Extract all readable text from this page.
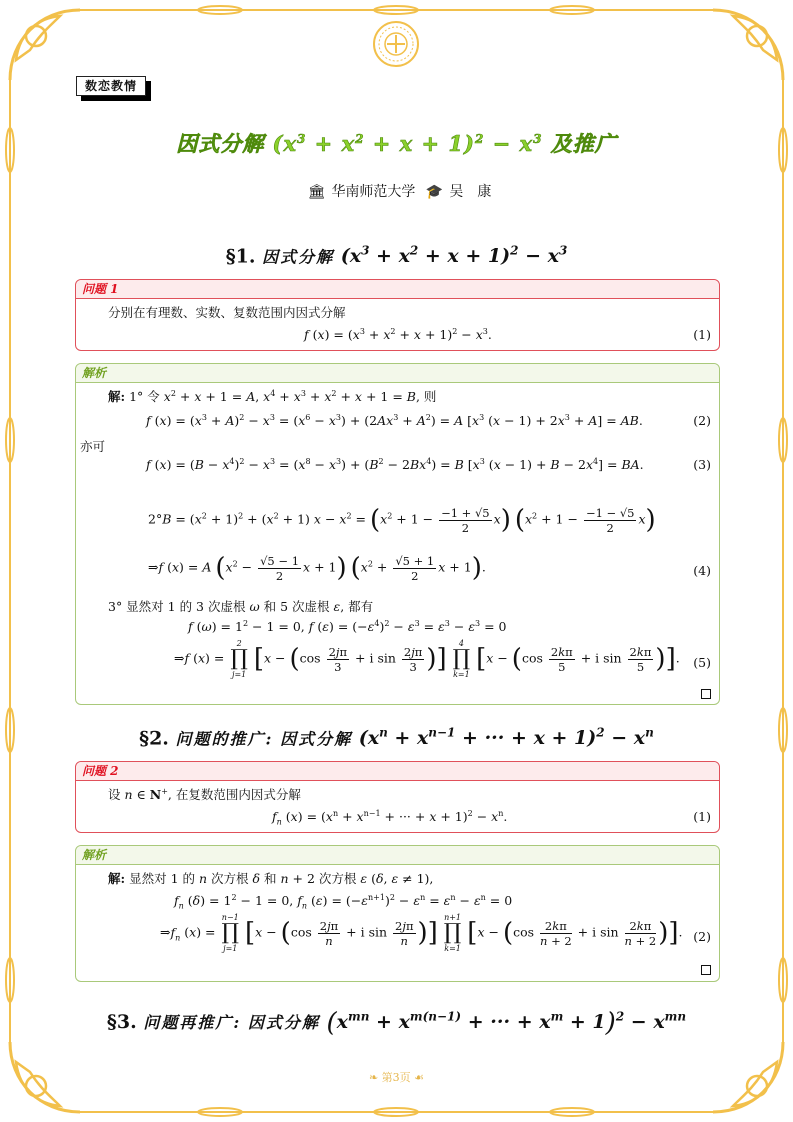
数恋教情
因式分解 $(x^3 + x^2 + x + 1)^2 - x^3$ 及推广
🏛 华南师范大学 🎓 吴　康
§1. 因式分解 $(x^3 + x^2 + x + 1)^2 - x^3$
问题 1
分别在有理数、实数、复数范围内因式分解
f $(x) = (x^3 + x^2 + x + 1)^2 - x^3$.	(1)
解析
解: 1° 令 $x^2 + x + 1 = A$, $x^4 + x^3 + x^2 + x + 1 = B$, 则
f $(x) = (x^3 + A)^2 - x^3 = (x^6 - x^3) + (2Ax^3 + A^2) = A$ [$x^3$ $(x - 1) + 2x^3 + A$] = AB.	(2)
亦可
f $(x) = (B - x^4)^2 - x^3 = (x^8 - x^3) + (B^2 - 2Bx^4) = B$ [$x^3$ $(x - 1) + B - 2x^4$] = BA.	(3)
$2^\circ B = (x^2 + 1)^2 + (x^2 + 1) x - x^2 = (x^2 + 1 - \frac{-1 + √5}{2} x) (x^2 + 1 - \frac{-1 - √5}{2} x)$
⇒f (x) = A ($x^2 - \frac{√5 - 1}{2}$ x + 1) ($x^2 + \frac{√5 + 1}{2}$ x + 1).	(4)
3° 显然对 1 的 3 次虚根 ω 和 5 次虚根 ε, 都有
f $(\omega) = 1^2 - 1 = 0$, f $(\varepsilon) = (-\varepsilon^4)^2 - \varepsilon^3 = \varepsilon^3 - \varepsilon^3 = 0$
⇒f (x) =
2
∏
j=1
[$x - (\cos \frac{2j\pi}{3} + i$ $\sin \frac{2j\pi}{3}$ )]
4
∏
k=1
[$x - (\cos \frac{2k\pi}{5} + i$ $\sin \frac{2k\pi}{5}$ )]. (5)
§2. 问题的推广: 因式分解 ($x^n + x^{n-1}$ + ··· + $x + 1)^2 - x^n$
问题 2
设 n ∈ N+, 在复数范围内因式分解
$f_n$ $(x) = (x^n + x^{n-1}$ + ··· + $x + 1)^2 - x^n$.	(1)
解析
解: 显然对 1 的 n 次方根 δ 和 n + 2 次方根 ε (δ, ε ≠ 1),
$f_n$ $(\delta) = 1^2 - 1 = 0$, $f_n$ $(\varepsilon) = (-\varepsilon^{n+1})^2 - \varepsilon^n = \varepsilon^n - \varepsilon^n = 0$
$\Rightarrow f_n$ (x) =
n−1
∏
j=1
[$x - (\cos \frac{2j\pi}{n} + i$ $\sin \frac{2j\pi}{n}$ )]
n+1
∏
k=1
[$x - (\cos \frac{2k\pi}{n + 2} + i$ $\sin \frac{2k\pi}{n + 2}$ )]. (2)
§3. 问题再推广: 因式分解 ($x^{mn} + x^{m(n-1)}$ + ··· + $x^m + 1)^2 - x^{mn}$
❧ 第3页 ☙
